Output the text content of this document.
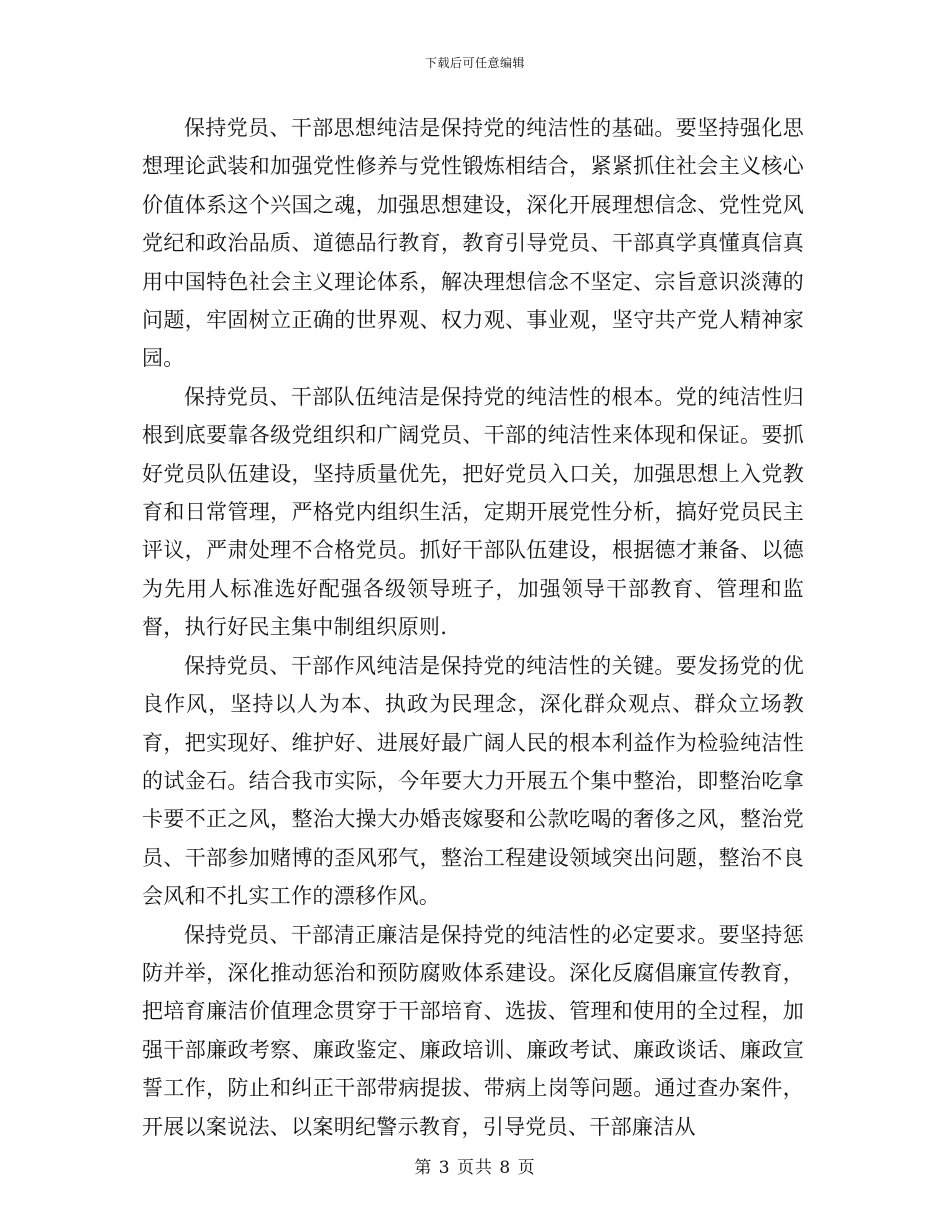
下载后可任意编辑

保持党员、干部思想纯洁是保持党的纯洁性的基础。要坚持强化思想理论武装和加强党性修养与党性锻炼相结合，紧紧抓住社会主义核心价值体系这个兴国之魂，加强思想建设，深化开展理想信念、党性党风党纪和政治品质、道德品行教育，教育引导党员、干部真学真懂真信真用中国特色社会主义理论体系，解决理想信念不坚定、宗旨意识淡薄的问题，牢固树立正确的世界观、权力观、事业观，坚守共产党人精神家园。

保持党员、干部队伍纯洁是保持党的纯洁性的根本。党的纯洁性归根到底要靠各级党组织和广阔党员、干部的纯洁性来体现和保证。要抓好党员队伍建设，坚持质量优先，把好党员入口关，加强思想上入党教育和日常管理，严格党内组织生活，定期开展党性分析，搞好党员民主评议，严肃处理不合格党员。抓好干部队伍建设，根据德才兼备、以德为先用人标准选好配强各级领导班子，加强领导干部教育、管理和监督，执行好民主集中制组织原则.

保持党员、干部作风纯洁是保持党的纯洁性的关键。要发扬党的优良作风，坚持以人为本、执政为民理念，深化群众观点、群众立场教育，把实现好、维护好、进展好最广阔人民的根本利益作为检验纯洁性的试金石。结合我市实际，今年要大力开展五个集中整治，即整治吃拿卡要不正之风，整治大操大办婚丧嫁娶和公款吃喝的奢侈之风，整治党员、干部参加赌博的歪风邪气，整治工程建设领域突出问题，整治不良会风和不扎实工作的漂移作风。

保持党员、干部清正廉洁是保持党的纯洁性的必定要求。要坚持惩防并举，深化推动惩治和预防腐败体系建设。深化反腐倡廉宣传教育，把培育廉洁价值理念贯穿于干部培育、选拔、管理和使用的全过程，加强干部廉政考察、廉政鉴定、廉政培训、廉政考试、廉政谈话、廉政宣誓工作，防止和纠正干部带病提拔、带病上岗等问题。通过查办案件，开展以案说法、以案明纪警示教育，引导党员、干部廉洁从

第 3 页共 8 页
